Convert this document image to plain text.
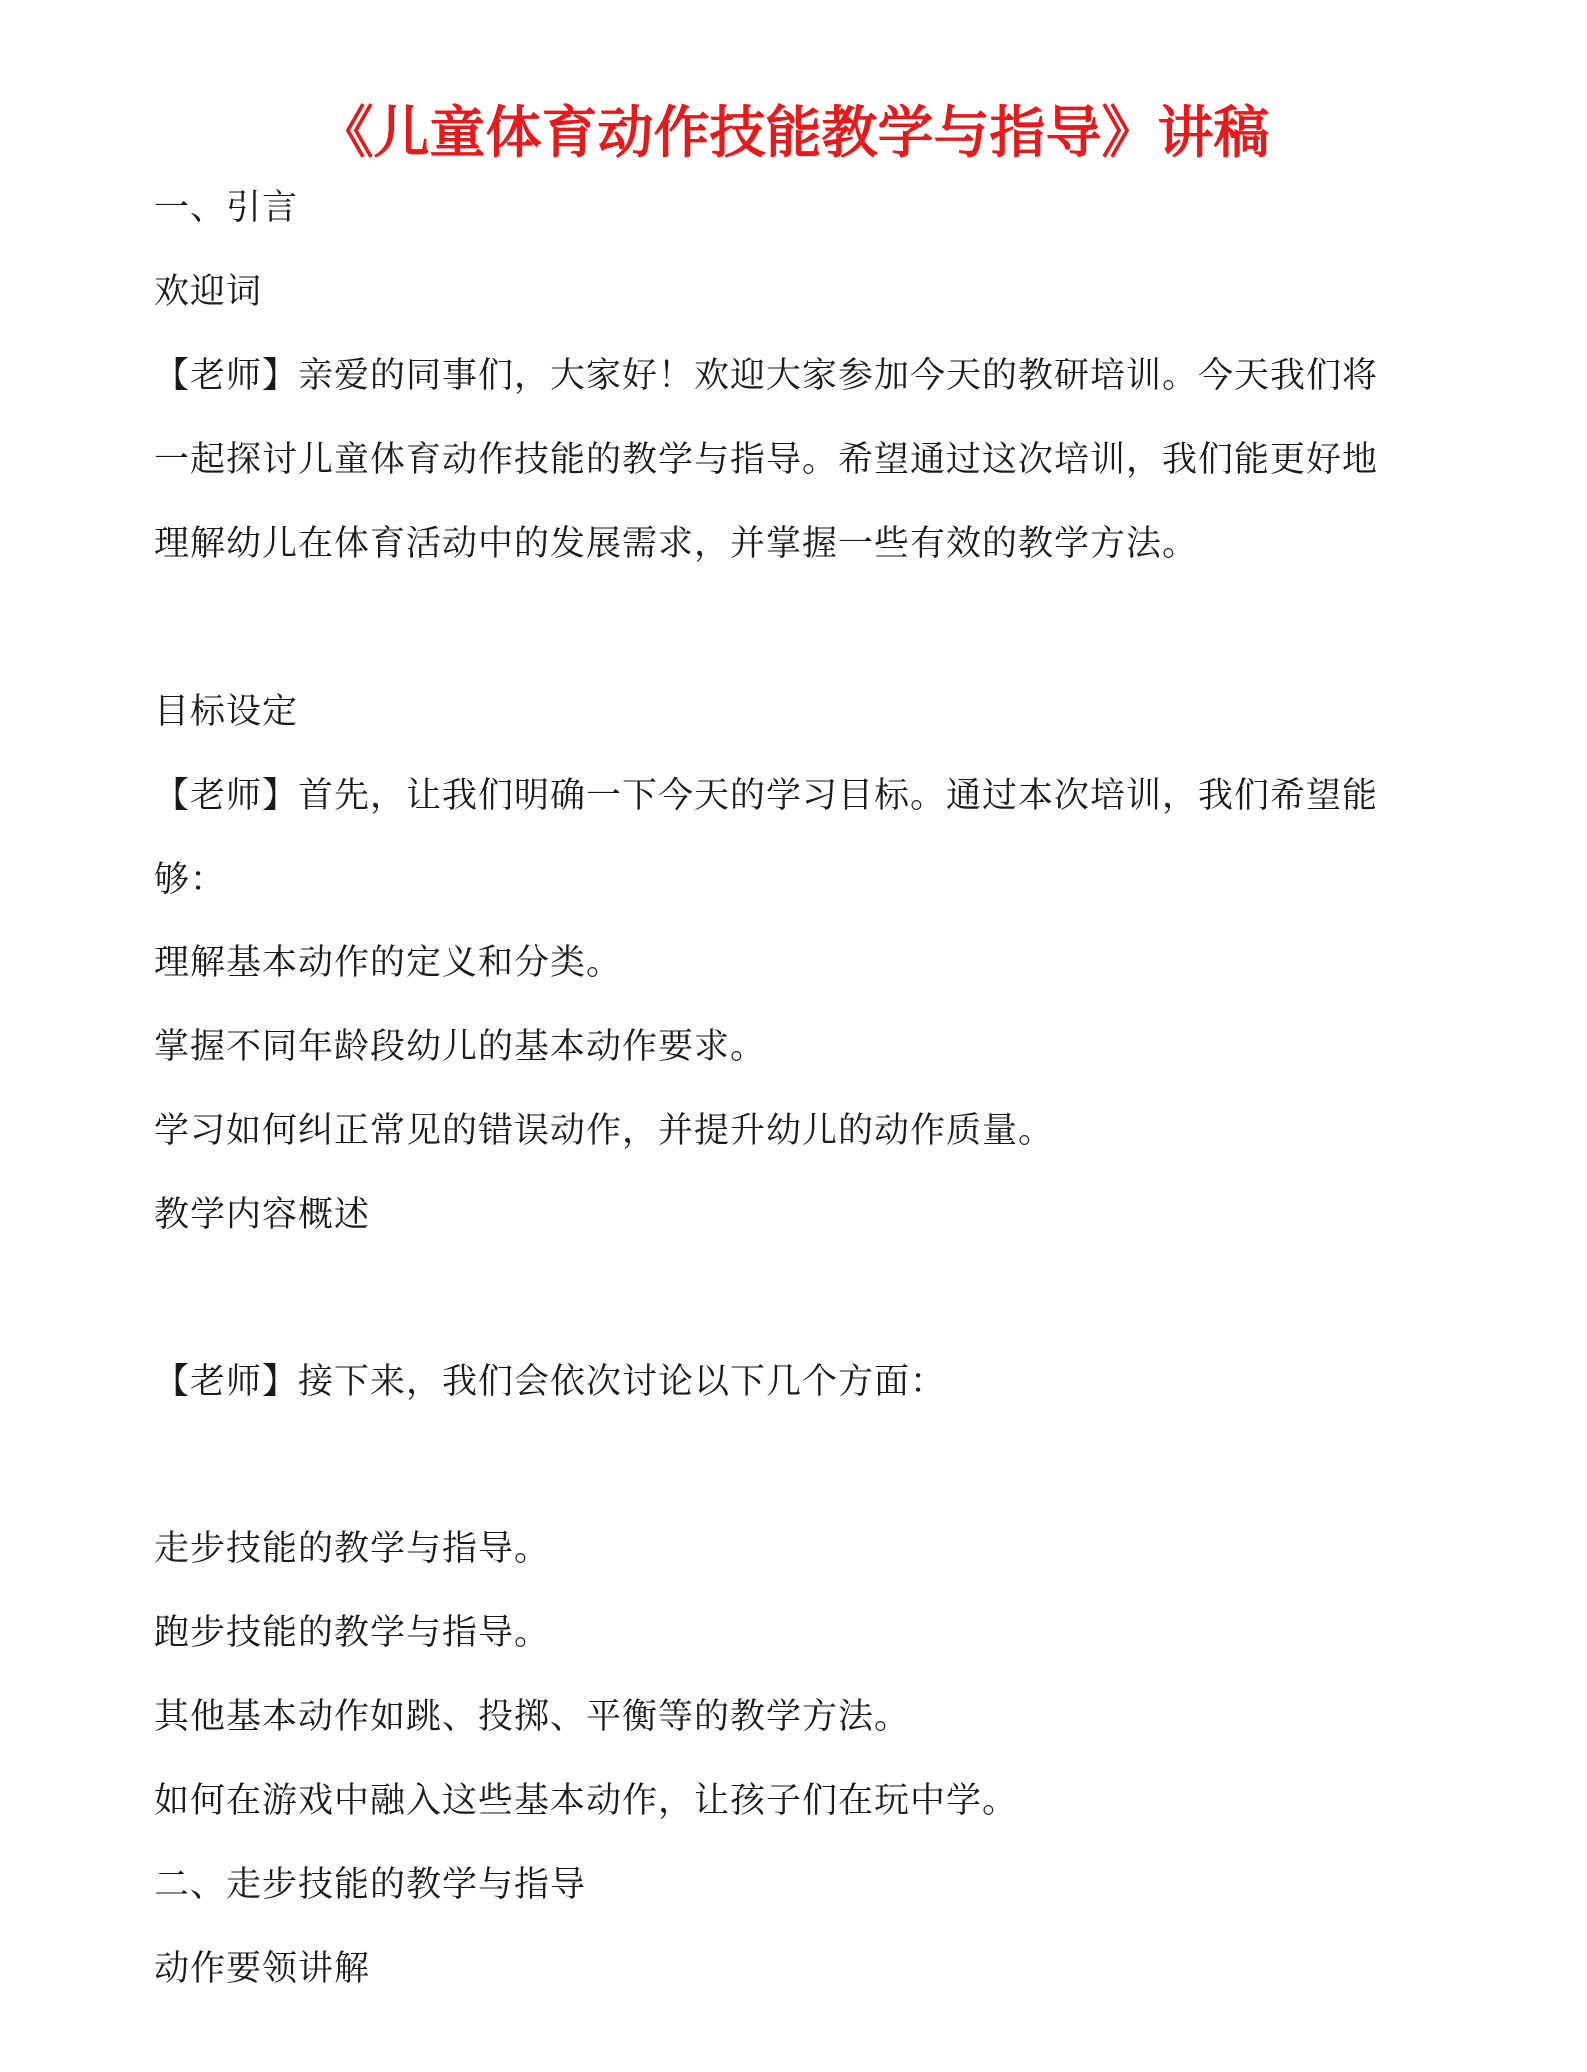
《儿童体育动作技能教学与指导》讲稿
一、引言
欢迎词
【老师】亲爱的同事们，大家好！欢迎大家参加今天的教研培训。今天我们将
一起探讨儿童体育动作技能的教学与指导。希望通过这次培训，我们能更好地
理解幼儿在体育活动中的发展需求，并掌握一些有效的教学方法。
目标设定
【老师】首先，让我们明确一下今天的学习目标。通过本次培训，我们希望能
够：
理解基本动作的定义和分类。
掌握不同年龄段幼儿的基本动作要求。
学习如何纠正常见的错误动作，并提升幼儿的动作质量。
教学内容概述
【老师】接下来，我们会依次讨论以下几个方面：
走步技能的教学与指导。
跑步技能的教学与指导。
其他基本动作如跳、投掷、平衡等的教学方法。
如何在游戏中融入这些基本动作，让孩子们在玩中学。
二、走步技能的教学与指导
动作要领讲解
